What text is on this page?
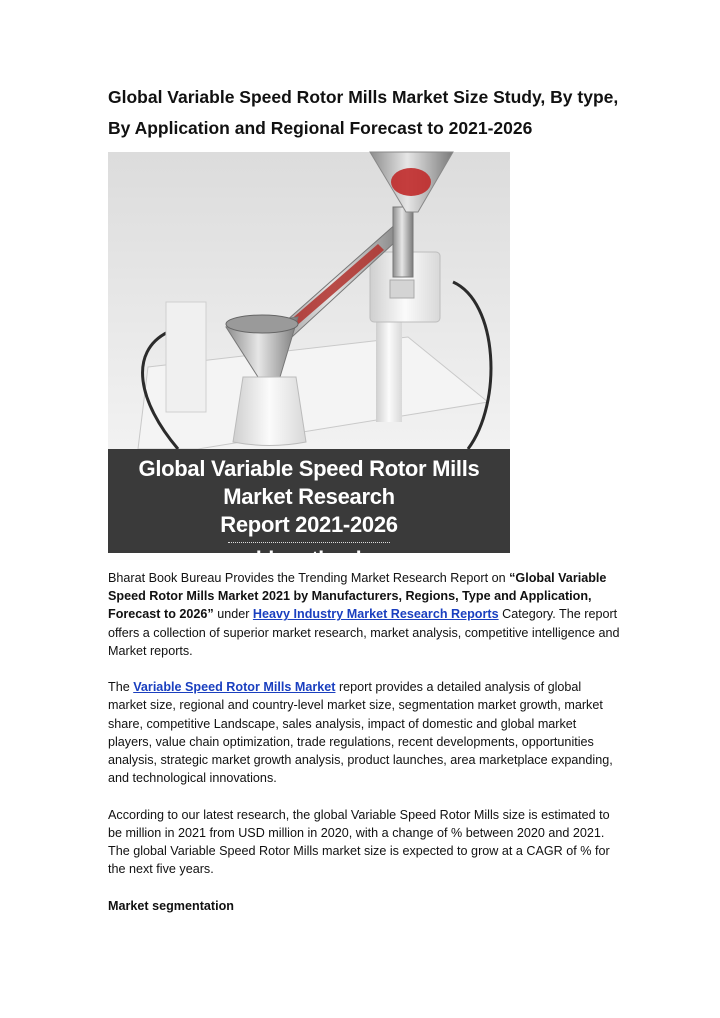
Global Variable Speed Rotor Mills Market Size Study, By type,
By Application and Regional Forecast to 2021-2026
Global Variable Speed Rotor Mills Market Research
Report 2021-2026
www.bharatbook.com

Bharat Book Bureau Provides the Trending Market Research Report on “Global Variable Speed Rotor Mills Market 2021 by Manufacturers, Regions, Type and Application, Forecast to 2026” under Heavy Industry Market Research Reports Category. The report offers a collection of superior market research, market analysis, competitive intelligence and Market reports.

The Variable Speed Rotor Mills Market report provides a detailed analysis of global market size, regional and country-level market size, segmentation market growth, market share, competitive Landscape, sales analysis, impact of domestic and global market players, value chain optimization, trade regulations, recent developments, opportunities analysis, strategic market growth analysis, product launches, area marketplace expanding, and technological innovations.

According to our latest research, the global Variable Speed Rotor Mills size is estimated to be million in 2021 from USD million in 2020, with a change of % between 2020 and 2021. The global Variable Speed Rotor Mills market size is expected to grow at a CAGR of % for the next five years.

Market segmentation
